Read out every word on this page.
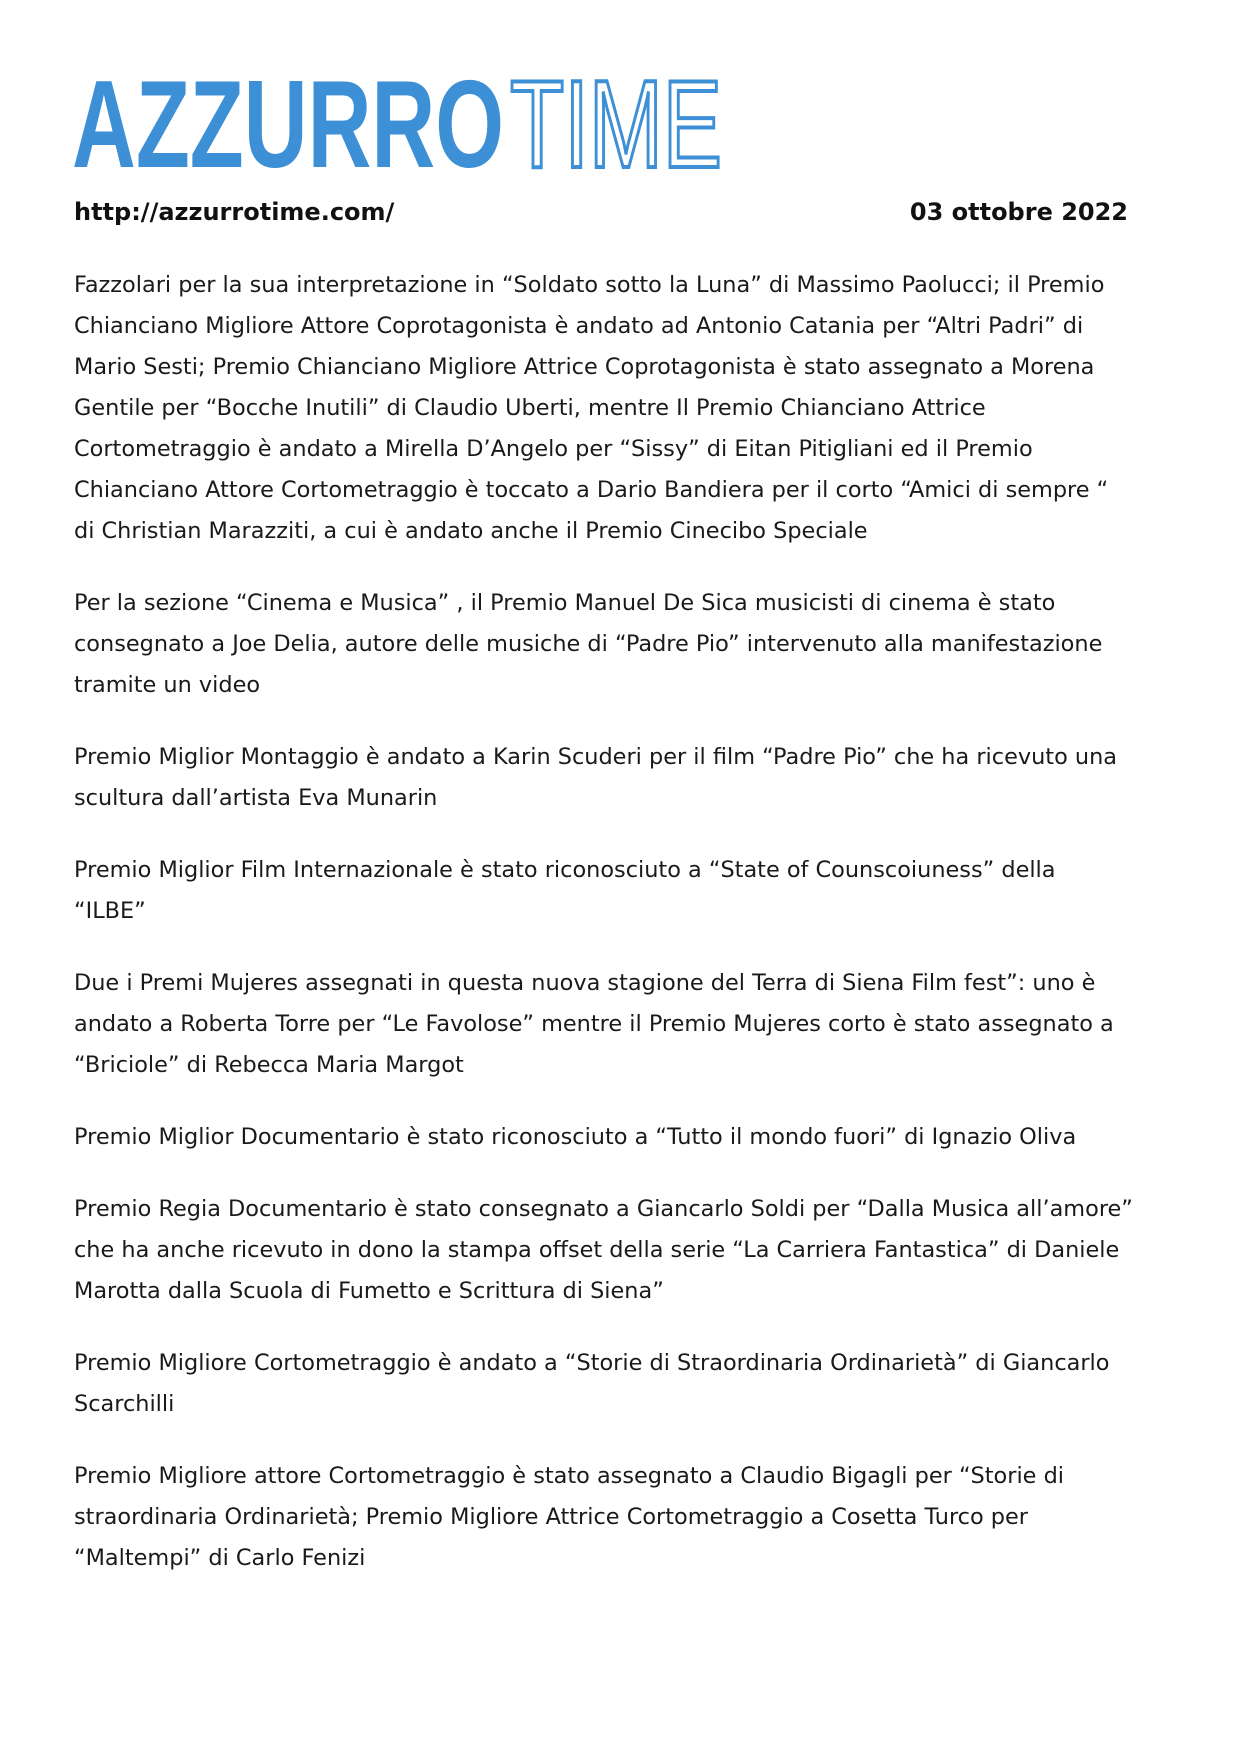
AZZURRO TIME
http://azzurrotime.com/	03 ottobre 2022

Fazzolari per la sua interpretazione in “Soldato sotto la Luna” di Massimo Paolucci; il Premio Chianciano Migliore Attore Coprotagonista è andato ad Antonio Catania per “Altri Padri” di Mario Sesti; Premio Chianciano Migliore Attrice Coprotagonista è stato assegnato a Morena Gentile per “Bocche Inutili” di Claudio Uberti, mentre Il Premio Chianciano Attrice Cortometraggio è andato a Mirella D’Angelo per “Sissy” di Eitan Pitigliani ed il Premio Chianciano Attore Cortometraggio è toccato a Dario Bandiera per il corto “Amici di sempre “ di Christian Marazziti, a cui è andato anche il Premio Cinecibo Speciale

Per la sezione “Cinema e Musica” , il Premio Manuel De Sica musicisti di cinema è stato consegnato a Joe Delia, autore delle musiche di “Padre Pio” intervenuto alla manifestazione tramite un video

Premio Miglior Montaggio è andato a Karin Scuderi per il film “Padre Pio” che ha ricevuto una scultura dall’artista Eva Munarin

Premio Miglior Film Internazionale è stato riconosciuto a “State of Counscoiuness” della “ILBE”

Due i Premi Mujeres assegnati in questa nuova stagione del Terra di Siena Film fest”: uno è andato a Roberta Torre per “Le Favolose” mentre il Premio Mujeres corto è stato assegnato a “Briciole” di Rebecca Maria Margot

Premio Miglior Documentario è stato riconosciuto a “Tutto il mondo fuori” di Ignazio Oliva

Premio Regia Documentario è stato consegnato a Giancarlo Soldi per “Dalla Musica all’amore” che ha anche ricevuto in dono la stampa offset della serie “La Carriera Fantastica” di Daniele Marotta dalla Scuola di Fumetto e Scrittura di Siena”

Premio Migliore Cortometraggio è andato a “Storie di Straordinaria Ordinarietà” di Giancarlo Scarchilli

Premio Migliore attore Cortometraggio è stato assegnato a Claudio Bigagli per “Storie di straordinaria Ordinarietà; Premio Migliore Attrice Cortometraggio a Cosetta Turco per “Maltempi” di Carlo Fenizi
